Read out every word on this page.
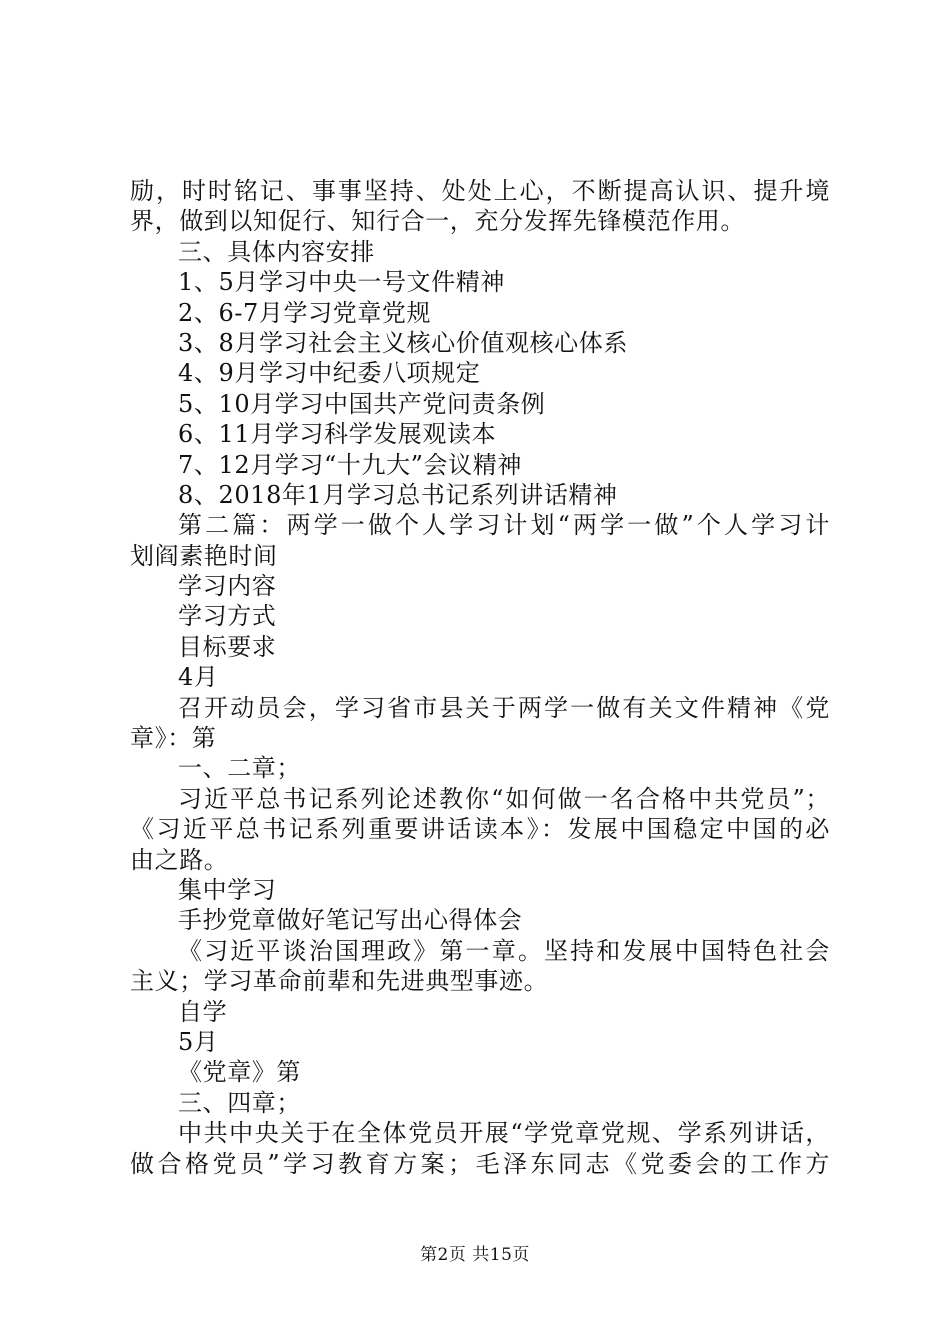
励，时时铭记、事事坚持、处处上心，不断提高认识、提升境
界，做到以知促行、知行合一，充分发挥先锋模范作用。
三、具体内容安排
1、5月学习中央一号文件精神
2、6-7月学习党章党规
3、8月学习社会主义核心价值观核心体系
4、9月学习中纪委八项规定
5、10月学习中国共产党问责条例
6、11月学习科学发展观读本
7、12月学习“十九大”会议精神
8、2018年1月学习总书记系列讲话精神
第二篇：两学一做个人学习计划“两学一做”个人学习计
划阎素艳时间
学习内容
学习方式
目标要求
4月
召开动员会，学习省市县关于两学一做有关文件精神《党
章》：第
一、二章；
习近平总书记系列论述教你“如何做一名合格中共党员”；
《习近平总书记系列重要讲话读本》：发展中国稳定中国的必
由之路。
集中学习
手抄党章做好笔记写出心得体会
《习近平谈治国理政》第一章。坚持和发展中国特色社会
主义；学习革命前辈和先进典型事迹。
自学
5月
《党章》第
三、四章；
中共中央关于在全体党员开展“学党章党规、学系列讲话，
做合格党员”学习教育方案；毛泽东同志《党委会的工作方
第2页 共15页
